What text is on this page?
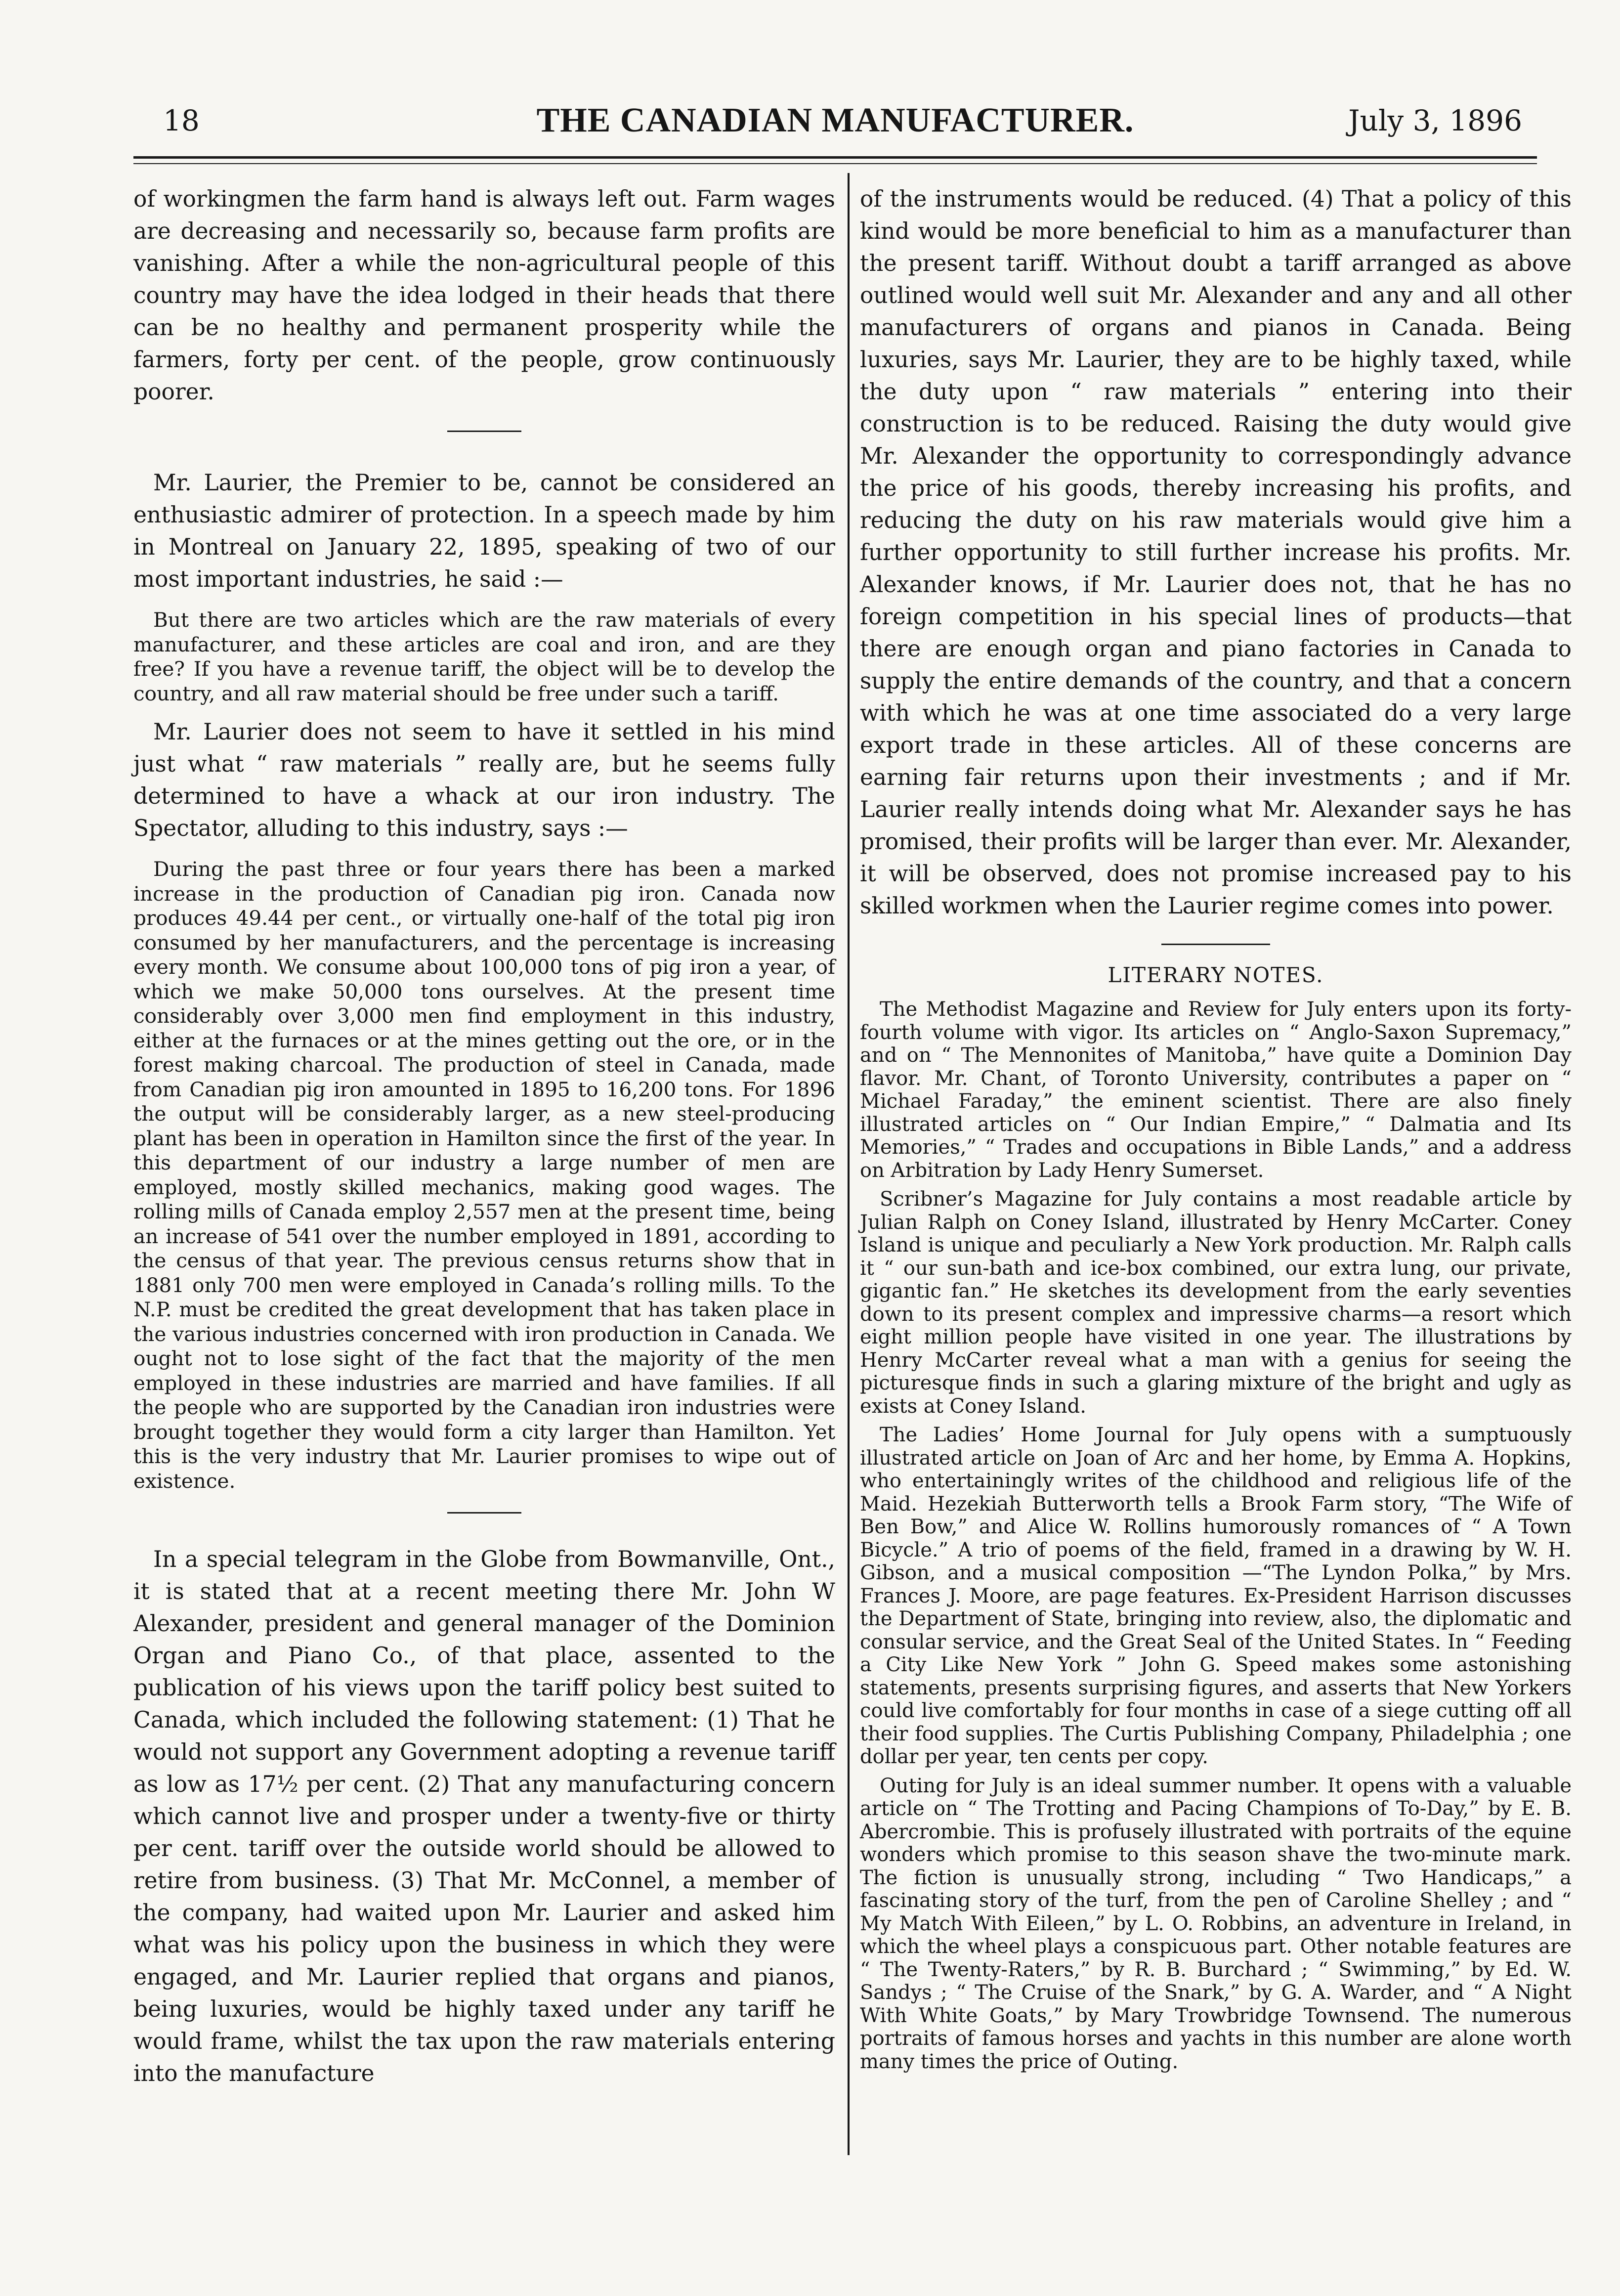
18	THE CANADIAN MANUFACTURER.	July 3, 1896

of workingmen the farm hand is always left out. Farm wages are decreasing and necessarily so, because farm profits are vanishing. After a while the non-agricultural people of this country may have the idea lodged in their heads that there can be no healthy and permanent prosperity while the farmers, forty per cent. of the people, grow continuously poorer.

Mr. Laurier, the Premier to be, cannot be considered an enthusiastic admirer of protection. In a speech made by him in Montreal on January 22, 1895, speaking of two of our most important industries, he said :—

But there are two articles which are the raw materials of every manufacturer, and these articles are coal and iron, and are they free? If you have a revenue tariff, the object will be to develop the country, and all raw material should be free under such a tariff.

Mr. Laurier does not seem to have it settled in his mind just what “ raw materials ” really are, but he seems fully determined to have a whack at our iron industry. The Spectator, alluding to this industry, says :—

During the past three or four years there has been a marked increase in the production of Canadian pig iron. Canada now produces 49.44 per cent., or virtually one-half of the total pig iron consumed by her manufacturers, and the percentage is increasing every month. We consume about 100,000 tons of pig iron a year, of which we make 50,000 tons ourselves. At the present time considerably over 3,000 men find employment in this industry, either at the furnaces or at the mines getting out the ore, or in the forest making charcoal. The production of steel in Canada, made from Canadian pig iron amounted in 1895 to 16,200 tons. For 1896 the output will be considerably larger, as a new steel-producing plant has been in operation in Hamilton since the first of the year. In this department of our industry a large number of men are employed, mostly skilled mechanics, making good wages. The rolling mills of Canada employ 2,557 men at the present time, being an increase of 541 over the number employed in 1891, according to the census of that year. The previous census returns show that in 1881 only 700 men were employed in Canada’s rolling mills. To the N.P. must be credited the great development that has taken place in the various industries concerned with iron production in Canada. We ought not to lose sight of the fact that the majority of the men employed in these industries are married and have families. If all the people who are supported by the Canadian iron industries were brought together they would form a city larger than Hamilton. Yet this is the very industry that Mr. Laurier promises to wipe out of existence.

In a special telegram in the Globe from Bowmanville, Ont., it is stated that at a recent meeting there Mr. John W Alexander, president and general manager of the Dominion Organ and Piano Co., of that place, assented to the publication of his views upon the tariff policy best suited to Canada, which included the following statement: (1) That he would not support any Government adopting a revenue tariff as low as 17½ per cent. (2) That any manufacturing concern which cannot live and prosper under a twenty-five or thirty per cent. tariff over the outside world should be allowed to retire from business. (3) That Mr. McConnel, a member of the company, had waited upon Mr. Laurier and asked him what was his policy upon the business in which they were engaged, and Mr. Laurier replied that organs and pianos, being luxuries, would be highly taxed under any tariff he would frame, whilst the tax upon the raw materials entering into the manufacture

of the instruments would be reduced. (4) That a policy of this kind would be more beneficial to him as a manufacturer than the present tariff. Without doubt a tariff arranged as above outlined would well suit Mr. Alexander and any and all other manufacturers of organs and pianos in Canada. Being luxuries, says Mr. Laurier, they are to be highly taxed, while the duty upon “ raw materials ” entering into their construction is to be reduced. Raising the duty would give Mr. Alexander the opportunity to correspondingly advance the price of his goods, thereby increasing his profits, and reducing the duty on his raw materials would give him a further opportunity to still further increase his profits. Mr. Alexander knows, if Mr. Laurier does not, that he has no foreign competition in his special lines of products—that there are enough organ and piano factories in Canada to supply the entire demands of the country, and that a concern with which he was at one time associated do a very large export trade in these articles. All of these concerns are earning fair returns upon their investments ; and if Mr. Laurier really intends doing what Mr. Alexander says he has promised, their profits will be larger than ever. Mr. Alexander, it will be observed, does not promise increased pay to his skilled workmen when the Laurier regime comes into power.

LITERARY NOTES.

The Methodist Magazine and Review for July enters upon its forty-fourth volume with vigor. Its articles on “ Anglo-Saxon Supremacy,” and on “ The Mennonites of Manitoba,” have quite a Dominion Day flavor. Mr. Chant, of Toronto University, contributes a paper on “ Michael Faraday,” the eminent scientist. There are also finely illustrated articles on “ Our Indian Empire,” “ Dalmatia and Its Memories,” “ Trades and occupations in Bible Lands,” and a address on Arbitration by Lady Henry Sumerset.

Scribner’s Magazine for July contains a most readable article by Julian Ralph on Coney Island, illustrated by Henry McCarter. Coney Island is unique and peculiarly a New York production. Mr. Ralph calls it “ our sun-bath and ice-box combined, our extra lung, our private, gigantic fan.” He sketches its development from the early seventies down to its present complex and impressive charms—a resort which eight million people have visited in one year. The illustrations by Henry McCarter reveal what a man with a genius for seeing the picturesque finds in such a glaring mixture of the bright and ugly as exists at Coney Island.

The Ladies’ Home Journal for July opens with a sumptuously illustrated article on Joan of Arc and her home, by Emma A. Hopkins, who entertainingly writes of the childhood and religious life of the Maid. Hezekiah Butterworth tells a Brook Farm story, “The Wife of Ben Bow,” and Alice W. Rollins humorously romances of “ A Town Bicycle.” A trio of poems of the field, framed in a drawing by W. H. Gibson, and a musical composition —“The Lyndon Polka,” by Mrs. Frances J. Moore, are page features. Ex-President Harrison discusses the Department of State, bringing into review, also, the diplomatic and consular service, and the Great Seal of the United States. In “ Feeding a City Like New York ” John G. Speed makes some astonishing statements, presents surprising figures, and asserts that New Yorkers could live comfortably for four months in case of a siege cutting off all their food supplies. The Curtis Publishing Company, Philadelphia ; one dollar per year, ten cents per copy.

Outing for July is an ideal summer number. It opens with a valuable article on “ The Trotting and Pacing Champions of To-Day,” by E. B. Abercrombie. This is profusely illustrated with portraits of the equine wonders which promise to this season shave the two-minute mark. The fiction is unusually strong, including “ Two Handicaps,” a fascinating story of the turf, from the pen of Caroline Shelley ; and “ My Match With Eileen,” by L. O. Robbins, an adventure in Ireland, in which the wheel plays a conspicuous part. Other notable features are “ The Twenty-Raters,” by R. B. Burchard ; “ Swimming,” by Ed. W. Sandys ; “ The Cruise of the Snark,” by G. A. Warder, and “ A Night With White Goats,” by Mary Trowbridge Townsend. The numerous portraits of famous horses and yachts in this number are alone worth many times the price of Outing.
